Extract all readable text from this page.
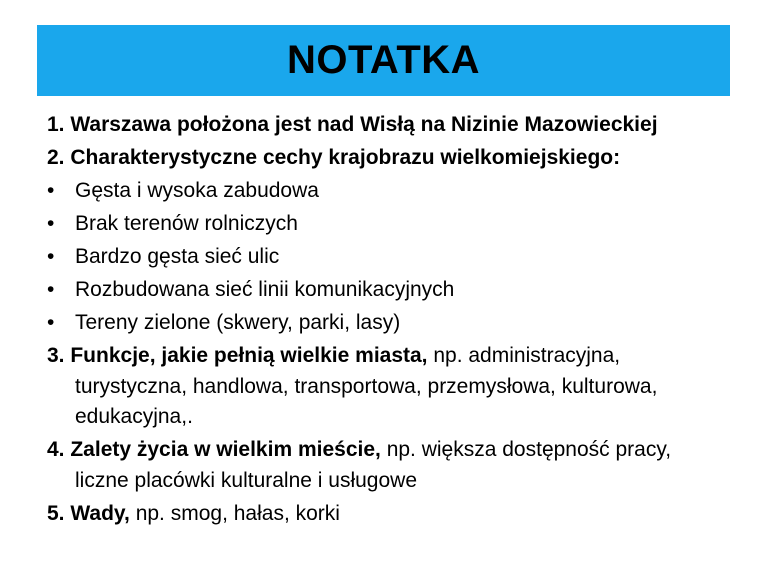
NOTATKA
1. Warszawa położona jest nad Wisłą na Nizinie Mazowieckiej
2. Charakterystyczne cechy krajobrazu wielkomiejskiego:
• Gęsta i wysoka zabudowa
• Brak terenów rolniczych
• Bardzo gęsta sieć ulic
• Rozbudowana sieć linii komunikacyjnych
• Tereny zielone (skwery, parki, lasy)
3. Funkcje, jakie pełnią wielkie miasta, np. administracyjna,
turystyczna, handlowa, transportowa, przemysłowa, kulturowa,
edukacyjna,.
4. Zalety życia w wielkim mieście, np. większa dostępność pracy,
liczne placówki kulturalne i usługowe
5. Wady, np. smog, hałas, korki
